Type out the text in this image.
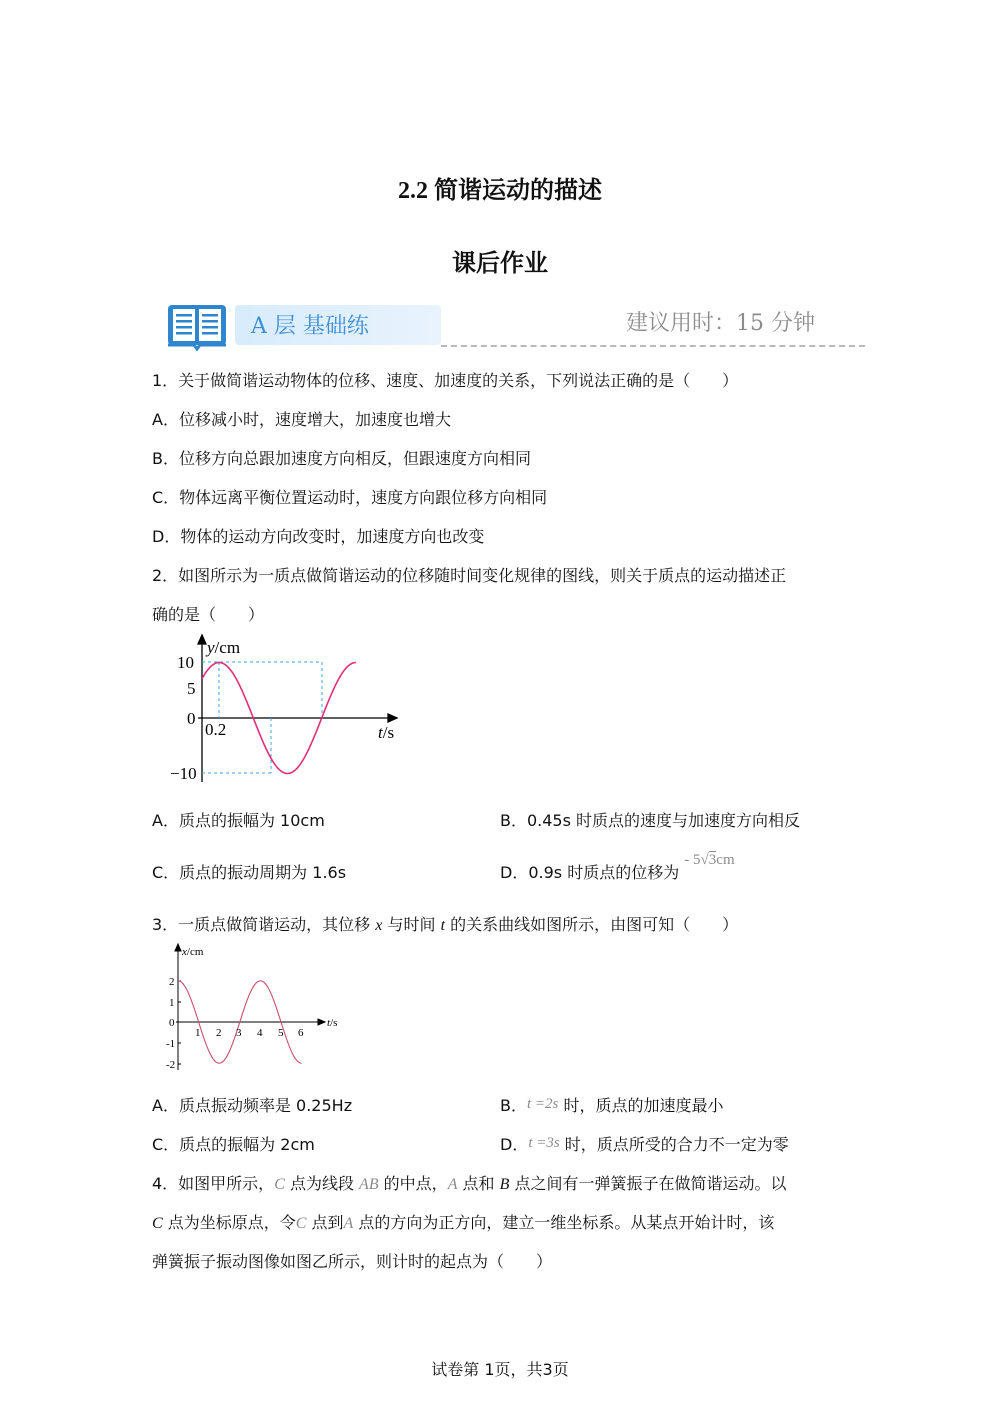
2.2 简谐运动的描述
课后作业
A 层 基础练	建议用时：15 分钟
1．关于做简谐运动物体的位移、速度、加速度的关系，下列说法正确的是（　　）
A．位移减小时，速度增大，加速度也增大
B．位移方向总跟加速度方向相反，但跟速度方向相同
C．物体远离平衡位置运动时，速度方向跟位移方向相同
D．物体的运动方向改变时，加速度方向也改变
2．如图所示为一质点做简谐运动的位移随时间变化规律的图线，则关于质点的运动描述正
确的是（　　）
y/cm
10
5
0
0.2
−10
t/s
A．质点的振幅为 10cm	B．0.45s 时质点的速度与加速度方向相反
C．质点的振动周期为 1.6s	D．0.9s 时质点的位移为 - 5√3cm
3．一质点做简谐运动，其位移 x 与时间 t 的关系曲线如图所示，由图可知（　　）
x/cm
2
1
0
-1
-2
1 2 3 4 5 6
t/s
A．质点振动频率是 0.25Hz	B．t =2s 时，质点的加速度最小
C．质点的振幅为 2cm	D．t =3s 时，质点所受的合力不一定为零
4．如图甲所示，C 点为线段 AB 的中点，A 点和 B 点之间有一弹簧振子在做简谐运动。以
C 点为坐标原点，令C 点到A 点的方向为正方向，建立一维坐标系。从某点开始计时，该
弹簧振子振动图像如图乙所示，则计时的起点为（　　）
试卷第 1页，共3页
